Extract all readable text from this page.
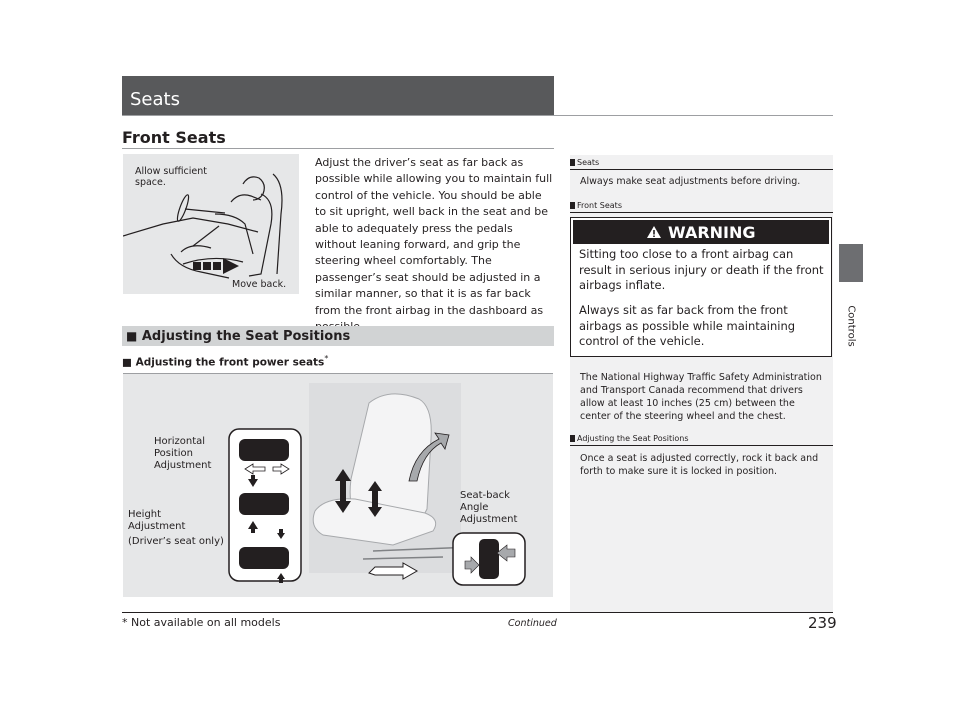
Seats
Controls
Front Seats
Allow sufficient space.
Move back.
Adjust the driver’s seat as far back as possible while allowing you to maintain full control of the vehicle. You should be able to sit upright, well back in the seat and be able to adequately press the pedals without leaning forward, and grip the steering wheel comfortably. The passenger’s seat should be adjusted in a similar manner, so that it is as far back from the front airbag in the dashboard as
■ Adjusting the Seat Positions
■ Adjusting the front power seats*
Horizontal
Position
Adjustment
Height
Adjustment
(Driver’s seat only)
Seat-back
Angle
Adjustment
Seats
Always make seat adjustments before driving.
Front Seats
The National Highway Traffic Safety Administration and Transport Canada recommend that drivers allow at least 10 inches (25 cm) between the center of the steering wheel and the chest.
Adjusting the Seat Positions
Once a seat is adjusted correctly, rock it back and forth to make sure it is locked in position.
WARNING
Sitting too close to a front airbag can result in serious injury or death if the front airbags inflate.
Always sit as far back from the front airbags as possible while maintaining control of the vehicle.
* Not available on all models	Continued	239
